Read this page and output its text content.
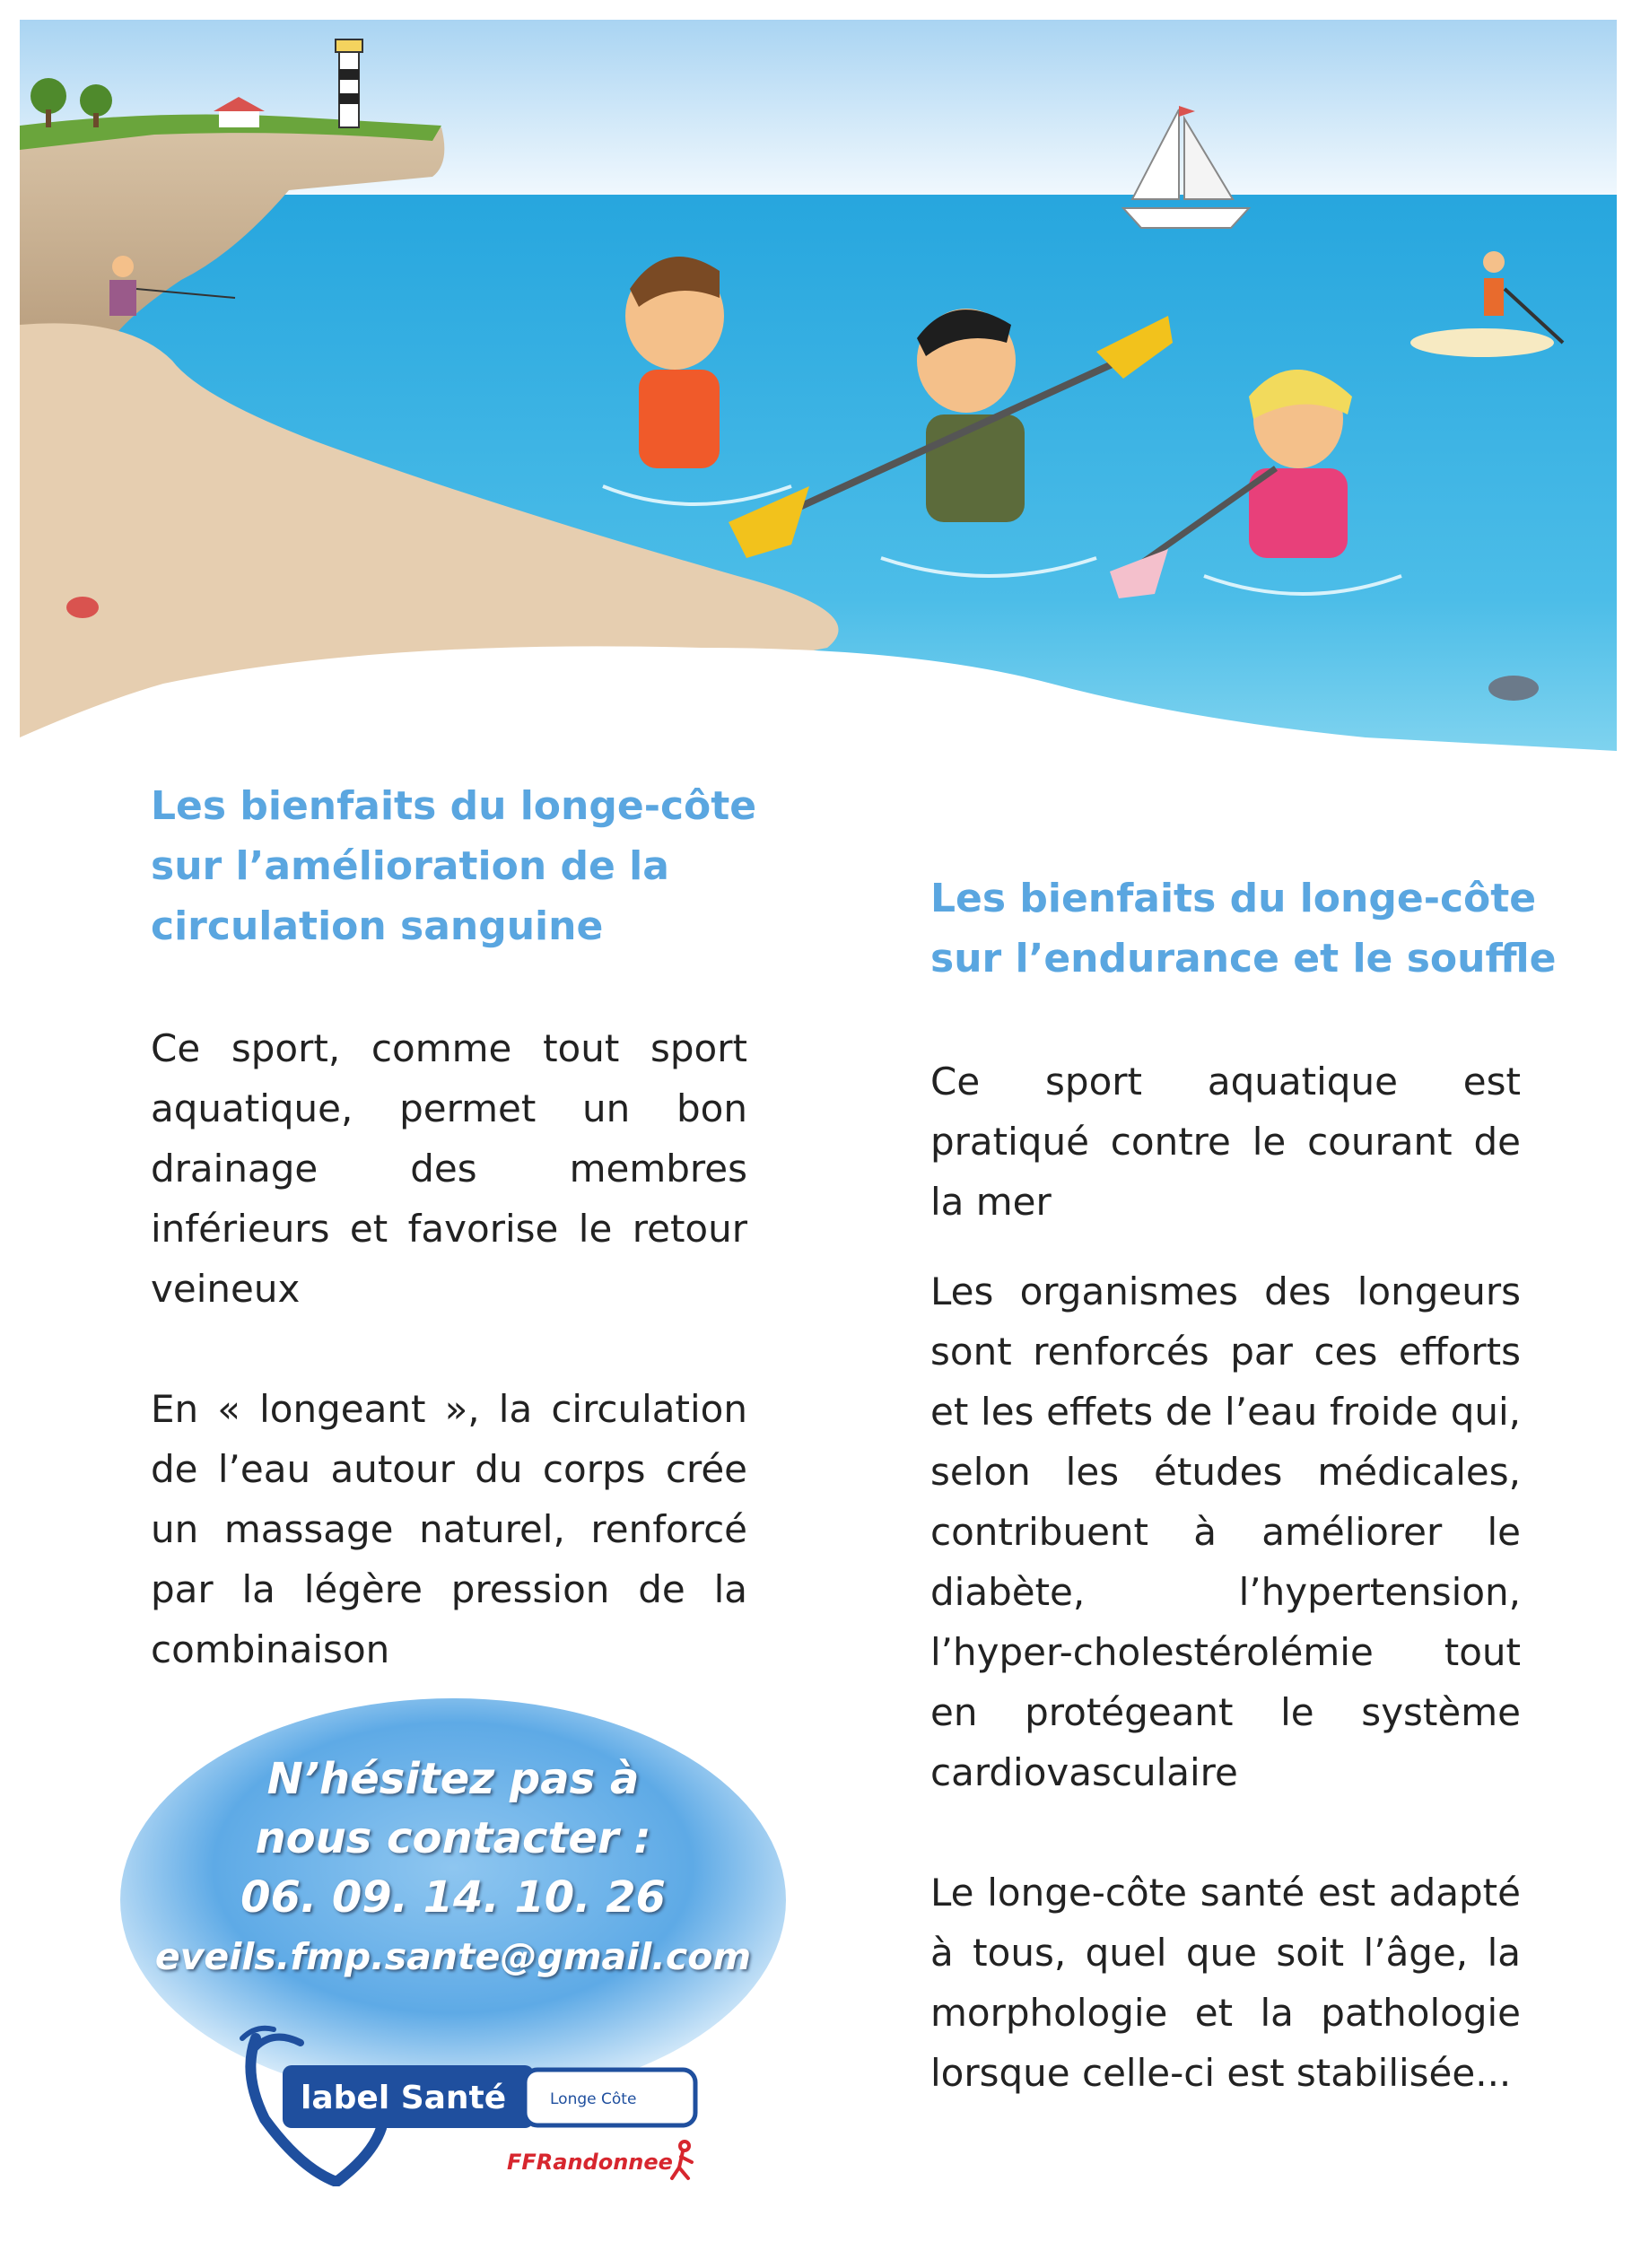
Les bienfaits du longe-côte
sur l’amélioration de la
circulation sanguine

Ce sport, comme tout sport aquatique, permet un bon drainage des membres inférieurs et favorise le retour veineux

En « longeant », la circulation de l’eau autour du corps crée un massage naturel, renforcé par la légère pression de la combinaison

Les bienfaits du longe-côte
sur l’endurance et le souffle

Ce sport aquatique est pratiqué contre le courant de la mer

Les organismes des longeurs sont renforcés par ces efforts et les effets de l’eau froide qui, selon les études médicales, contribuent à améliorer le diabète, l’hypertension, l’hyper-cholestérolémie tout en protégeant le système cardiovasculaire

Le longe-côte santé est adapté à tous, quel que soit l’âge, la morphologie et la pathologie lorsque celle-ci est stabilisée...

N’hésitez pas à
nous contacter :
06. 09. 14. 10. 26
eveils.fmp.sante@gmail.com
label Santé	Longe Côte
FFRandonnee
